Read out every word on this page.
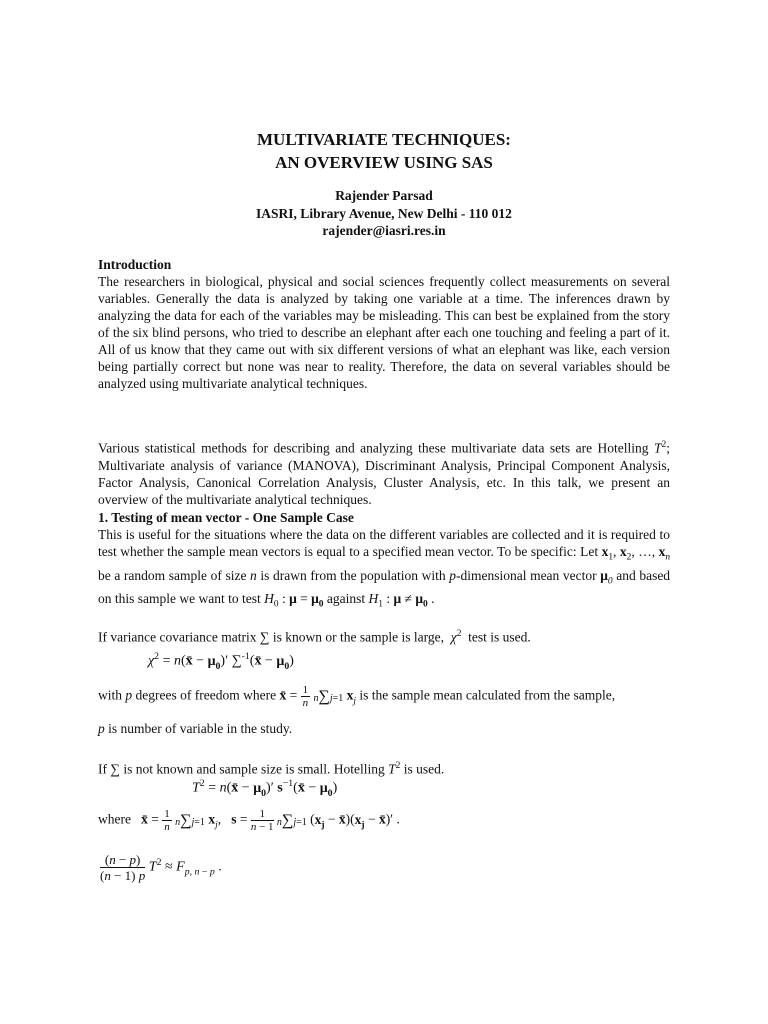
MULTIVARIATE TECHNIQUES:
AN OVERVIEW USING SAS
Rajender Parsad
IASRI, Library Avenue, New Delhi - 110 012
rajender@iasri.res.in
Introduction

The researchers in biological, physical and social sciences frequently collect measurements on several variables. Generally the data is analyzed by taking one variable at a time. The inferences drawn by analyzing the data for each of the variables may be misleading. This can best be explained from the story of the six blind persons, who tried to describe an elephant after each one touching and feeling a part of it. All of us know that they came out with six different versions of what an elephant was like, each version being partially correct but none was near to reality. Therefore, the data on several variables should be analyzed using multivariate analytical techniques.

Various statistical methods for describing and analyzing these multivariate data sets are Hotelling $T^2$; Multivariate analysis of variance (MANOVA), Discriminant Analysis, Principal Component Analysis, Factor Analysis, Canonical Correlation Analysis, Cluster Analysis, etc. In this talk, we present an overview of the multivariate analytical techniques.
1. Testing of mean vector - One Sample Case
This is useful for the situations where the data on the different variables are collected and it is required to test whether the sample mean vectors is equal to a specified mean vector. To be specific: Let $x_1$, $x_2$, …, $x_n$ be a random sample of size n is drawn from the population with p-dimensional mean vector $\mu_0$ and based on this sample we want to test $H_0$ : $\mu = \mu_0$ against $H_1$ : $\mu \ne \mu_0$ .
If variance covariance matrix ∑ is known or the sample is large, $\chi^2$ test is used.
$\chi^2$ = n(x̄ − $\mu_0)'$ ∑$^{-1}$(x̄ − $\mu_0$)
with p degrees of freedom where x̄ = $\frac{1}{n} n\sum j=1$ $x_j$ is the sample mean calculated from the sample,
p is number of variable in the study.
If ∑ is not known and sample size is small. Hotelling $T^2$ is used.
$T^2$ = n(x̄ − $\mu_0)'$ $s^{-1}(x̄ - \mu_0)$
where x̄ = $\frac{1}{n} n\sum j=1$ $x_j$,   $s = \frac{1}{n - 1} n\sum j=1$ ($x_j$ − $x̄)(x_j$ − x̄)′ .
$\frac{(n - p)}{(n - 1) p} T^2 \approx F_{p, n - p}$ .
